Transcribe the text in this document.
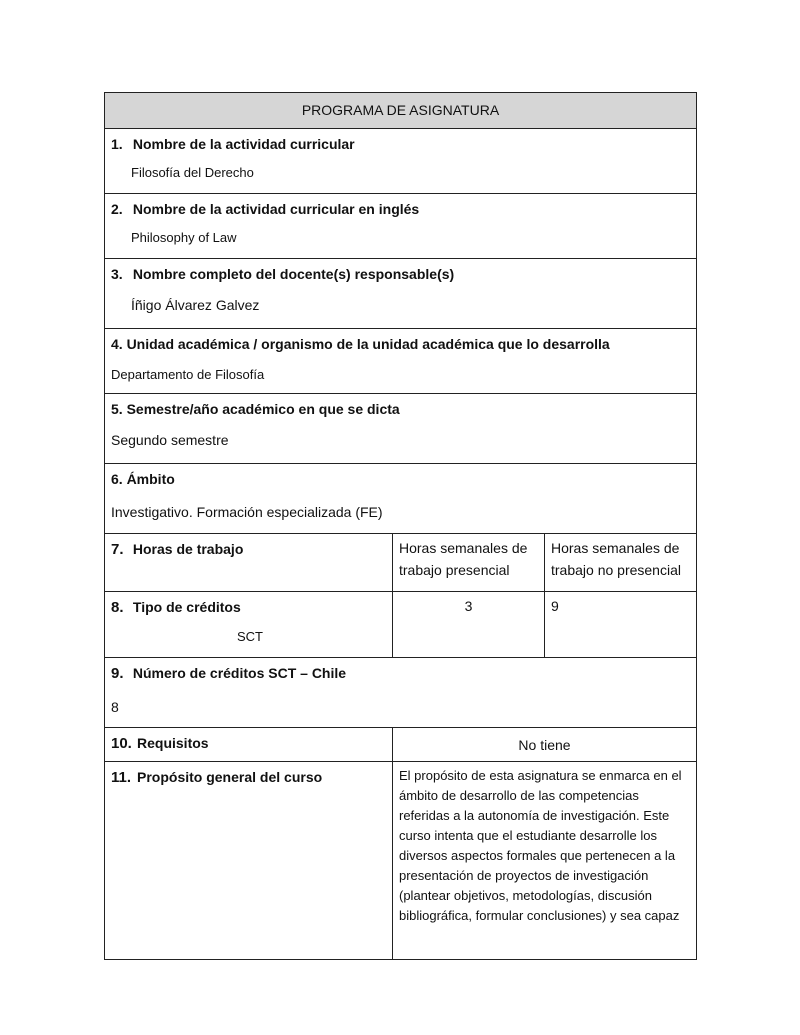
PROGRAMA DE ASIGNATURA		

1. Nombre de la actividad curricular
Filosofía del Derecho		

2. Nombre de la actividad curricular en inglés
Philosophy of Law		

3. Nombre completo del docente(s) responsable(s)
Íñigo Álvarez Galvez		

4. Unidad académica / organismo de la unidad académica que lo desarrolla
Departamento de Filosofía		

5. Semestre/año académico en que se dicta
Segundo semestre		

6. Ámbito
Investigativo. Formación especializada (FE)		

7. Horas de trabajo	Horas semanales de trabajo presencial	Horas semanales de trabajo no presencial

8. Tipo de créditos
SCT	3	9

9. Número de créditos SCT – Chile
8		

10. Requisitos	No tiene	

11. Propósito general del curso	El propósito de esta asignatura se enmarca en el ámbito de desarrollo de las competencias referidas a la autonomía de investigación. Este curso intenta que el estudiante desarrolle los diversos aspectos formales que pertenecen a la presentación de proyectos de investigación (plantear objetivos, metodologías, discusión bibliográfica, formular conclusiones) y sea capaz	
